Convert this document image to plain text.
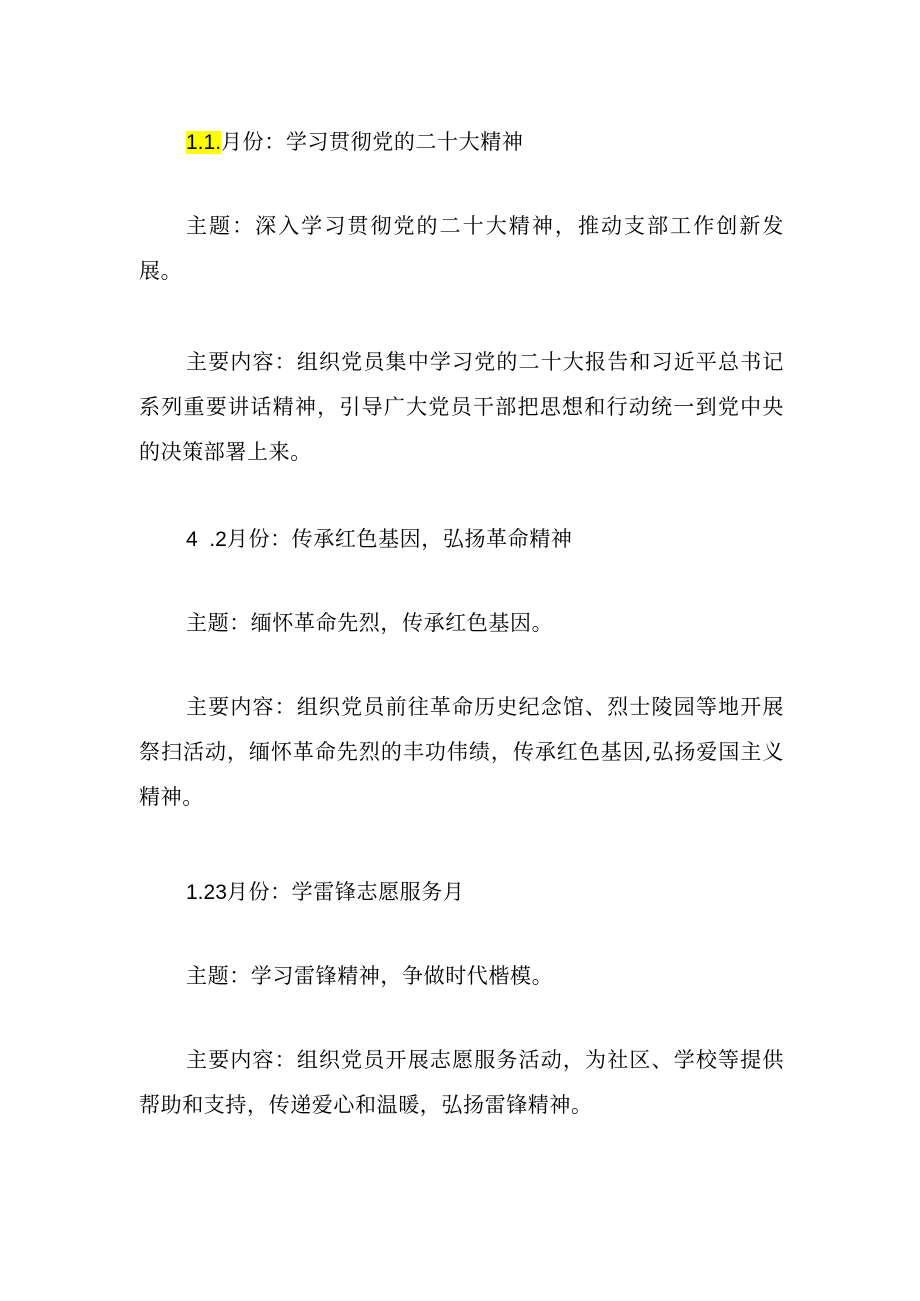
1.1.月份：学习贯彻党的二十大精神

主题：深入学习贯彻党的二十大精神，推动支部工作创新发展。

主要内容：组织党员集中学习党的二十大报告和习近平总书记系列重要讲话精神，引导广大党员干部把思想和行动统一到党中央的决策部署上来。

4  .2月份：传承红色基因，弘扬革命精神

主题：缅怀革命先烈，传承红色基因。

主要内容：组织党员前往革命历史纪念馆、烈士陵园等地开展祭扫活动，缅怀革命先烈的丰功伟绩，传承红色基因,弘扬爱国主义精神。

1.23月份：学雷锋志愿服务月

主题：学习雷锋精神，争做时代楷模。

主要内容：组织党员开展志愿服务活动，为社区、学校等提供帮助和支持，传递爱心和温暖，弘扬雷锋精神。
